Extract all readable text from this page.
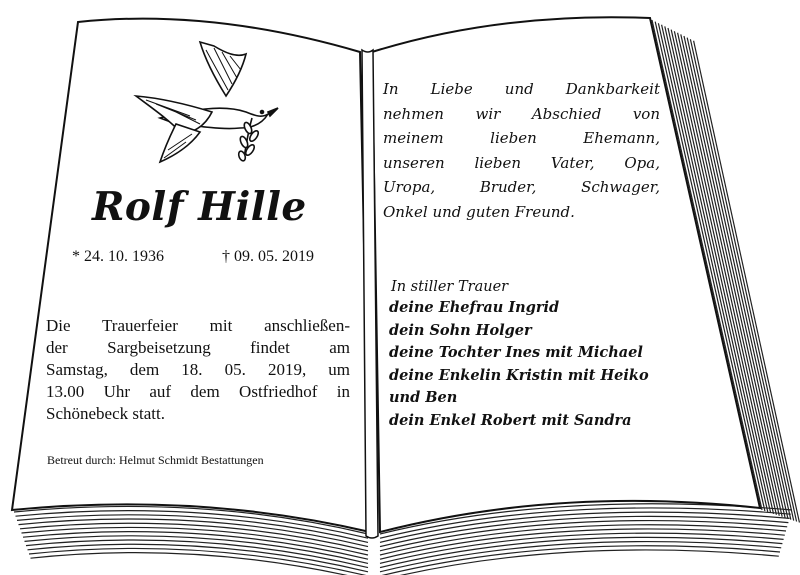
Rolf Hille
* 24. 10. 1936	† 09. 05. 2019
Die Trauerfeier mit anschließen-
der Sargbeisetzung findet am
Samstag, dem 18. 05. 2019, um
13.00 Uhr auf dem Ostfriedhof in
Schönebeck statt.
Betreut durch: Helmut Schmidt Bestattungen
In Liebe und Dankbarkeit
nehmen wir Abschied von
meinem lieben Ehemann,
unseren lieben Vater, Opa,
Uropa, Bruder, Schwager,
Onkel und guten Freund.
In stiller Trauer
deine Ehefrau Ingrid
dein Sohn Holger
deine Tochter Ines mit Michael
deine Enkelin Kristin mit Heiko
und Ben
dein Enkel Robert mit Sandra
